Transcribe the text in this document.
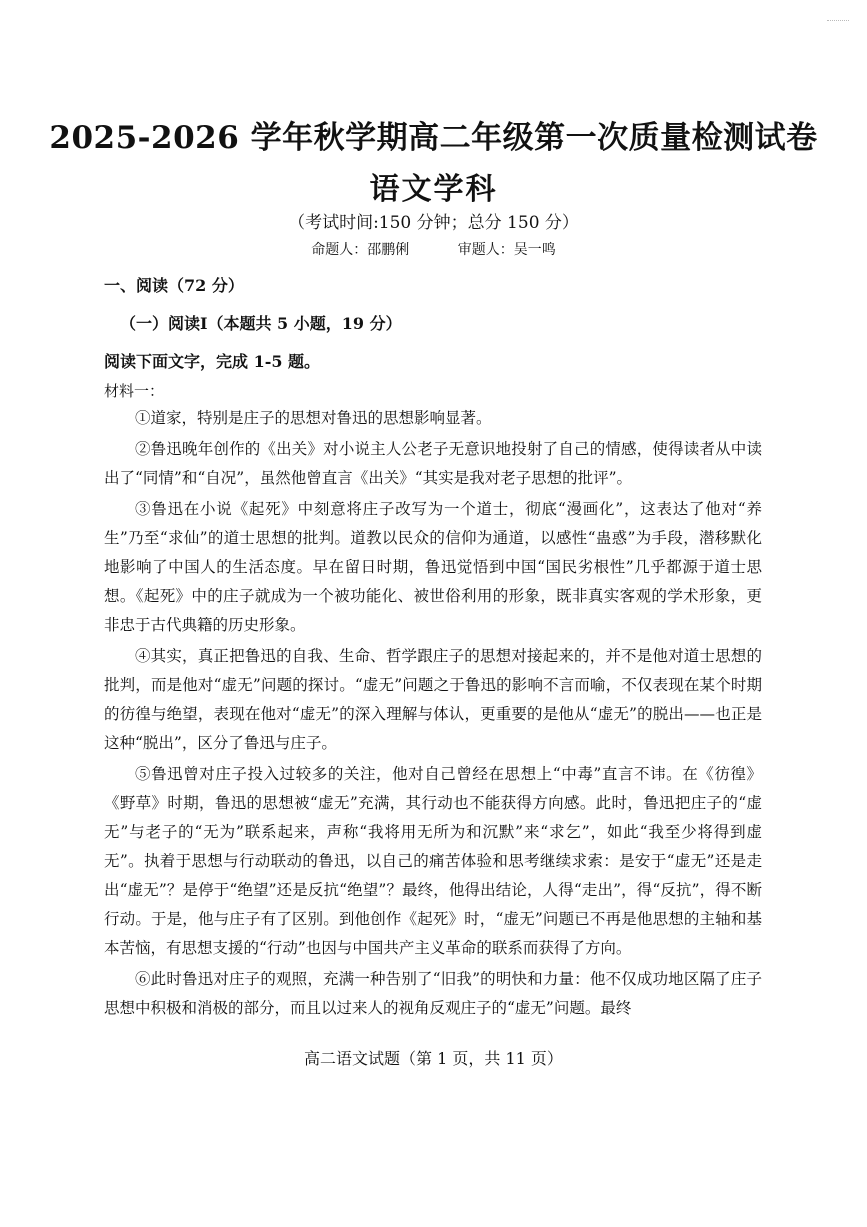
2025-2026 学年秋学期高二年级第一次质量检测试卷
语文学科
（考试时间:150 分钟；总分 150 分）
命题人：邵鹏俐	审题人：吴一鸣
一、阅读（72 分）
（一）阅读Ⅰ（本题共 5 小题，19 分）
阅读下面文字，完成 1-5 题。
材料一：

①道家，特别是庄子的思想对鲁迅的思想影响显著。

②鲁迅晚年创作的《出关》对小说主人公老子无意识地投射了自己的情感，使得读者从中读出了“同情”和“自况”，虽然他曾直言《出关》“其实是我对老子思想的批评”。

③鲁迅在小说《起死》中刻意将庄子改写为一个道士，彻底“漫画化”，这表达了他对“养生”乃至“求仙”的道士思想的批判。道教以民众的信仰为通道，以感性“蛊惑”为手段，潜移默化地影响了中国人的生活态度。早在留日时期，鲁迅觉悟到中国“国民劣根性”几乎都源于道士思想。《起死》中的庄子就成为一个被功能化、被世俗利用的形象，既非真实客观的学术形象，更非忠于古代典籍的历史形象。

④其实，真正把鲁迅的自我、生命、哲学跟庄子的思想对接起来的，并不是他对道士思想的批判，而是他对“虚无”问题的探讨。“虚无”问题之于鲁迅的影响不言而喻，不仅表现在某个时期的彷徨与绝望，表现在他对“虚无”的深入理解与体认，更重要的是他从“虚无”的脱出——也正是这种“脱出”，区分了鲁迅与庄子。

⑤鲁迅曾对庄子投入过较多的关注，他对自己曾经在思想上“中毒”直言不讳。在《彷徨》《野草》时期，鲁迅的思想被“虚无”充满，其行动也不能获得方向感。此时，鲁迅把庄子的“虚无”与老子的“无为”联系起来，声称“我将用无所为和沉默”来“求乞”，如此“我至少将得到虚无”。执着于思想与行动联动的鲁迅，以自己的痛苦体验和思考继续求索：是安于“虚无”还是走出“虚无”？是停于“绝望”还是反抗“绝望”？最终，他得出结论，人得“走出”，得“反抗”，得不断行动。于是，他与庄子有了区别。到他创作《起死》时，“虚无”问题已不再是他思想的主轴和基本苦恼，有思想支援的“行动”也因与中国共产主义革命的联系而获得了方向。

⑥此时鲁迅对庄子的观照，充满一种告别了“旧我”的明快和力量：他不仅成功地区隔了庄子思想中积极和消极的部分，而且以过来人的视角反观庄子的“虚无”问题。最终

高二语文试题（第 1 页，共 11 页）
